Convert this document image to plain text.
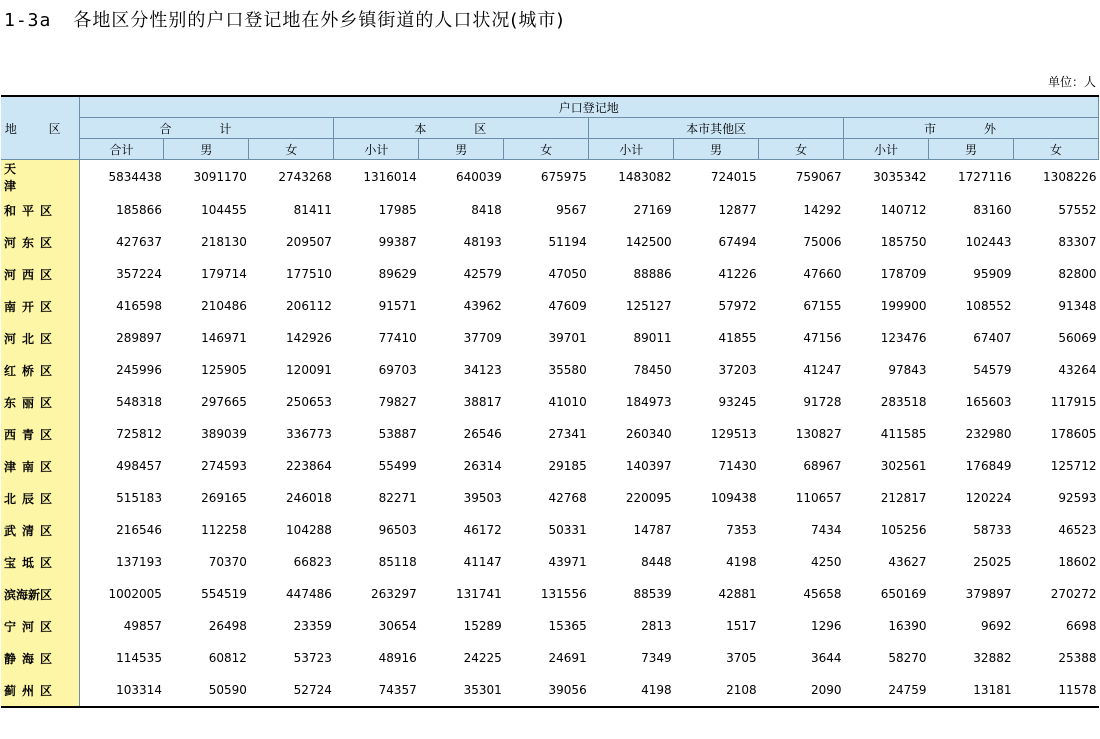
1-3a 各地区分性别的户口登记地在外乡镇街道的人口状况(城市)
单位：人
地 区	户口登记地											
	合 计			本 区			本市其他区			市 外		
	合计	男	女	小计	男	女	小计	男	女	小计	男	女
天 津	5834438	3091170	2743268	1316014	640039	675975	1483082	724015	759067	3035342	1727116	1308226
和平区	185866	104455	81411	17985	8418	9567	27169	12877	14292	140712	83160	57552
河东区	427637	218130	209507	99387	48193	51194	142500	67494	75006	185750	102443	83307
河西区	357224	179714	177510	89629	42579	47050	88886	41226	47660	178709	95909	82800
南开区	416598	210486	206112	91571	43962	47609	125127	57972	67155	199900	108552	91348
河北区	289897	146971	142926	77410	37709	39701	89011	41855	47156	123476	67407	56069
红桥区	245996	125905	120091	69703	34123	35580	78450	37203	41247	97843	54579	43264
东丽区	548318	297665	250653	79827	38817	41010	184973	93245	91728	283518	165603	117915
西青区	725812	389039	336773	53887	26546	27341	260340	129513	130827	411585	232980	178605
津南区	498457	274593	223864	55499	26314	29185	140397	71430	68967	302561	176849	125712
北辰区	515183	269165	246018	82271	39503	42768	220095	109438	110657	212817	120224	92593
武清区	216546	112258	104288	96503	46172	50331	14787	7353	7434	105256	58733	46523
宝坻区	137193	70370	66823	85118	41147	43971	8448	4198	4250	43627	25025	18602
滨海新区	1002005	554519	447486	263297	131741	131556	88539	42881	45658	650169	379897	270272
宁河区	49857	26498	23359	30654	15289	15365	2813	1517	1296	16390	9692	6698
静海区	114535	60812	53723	48916	24225	24691	7349	3705	3644	58270	32882	25388
蓟州区	103314	50590	52724	74357	35301	39056	4198	2108	2090	24759	13181	11578
